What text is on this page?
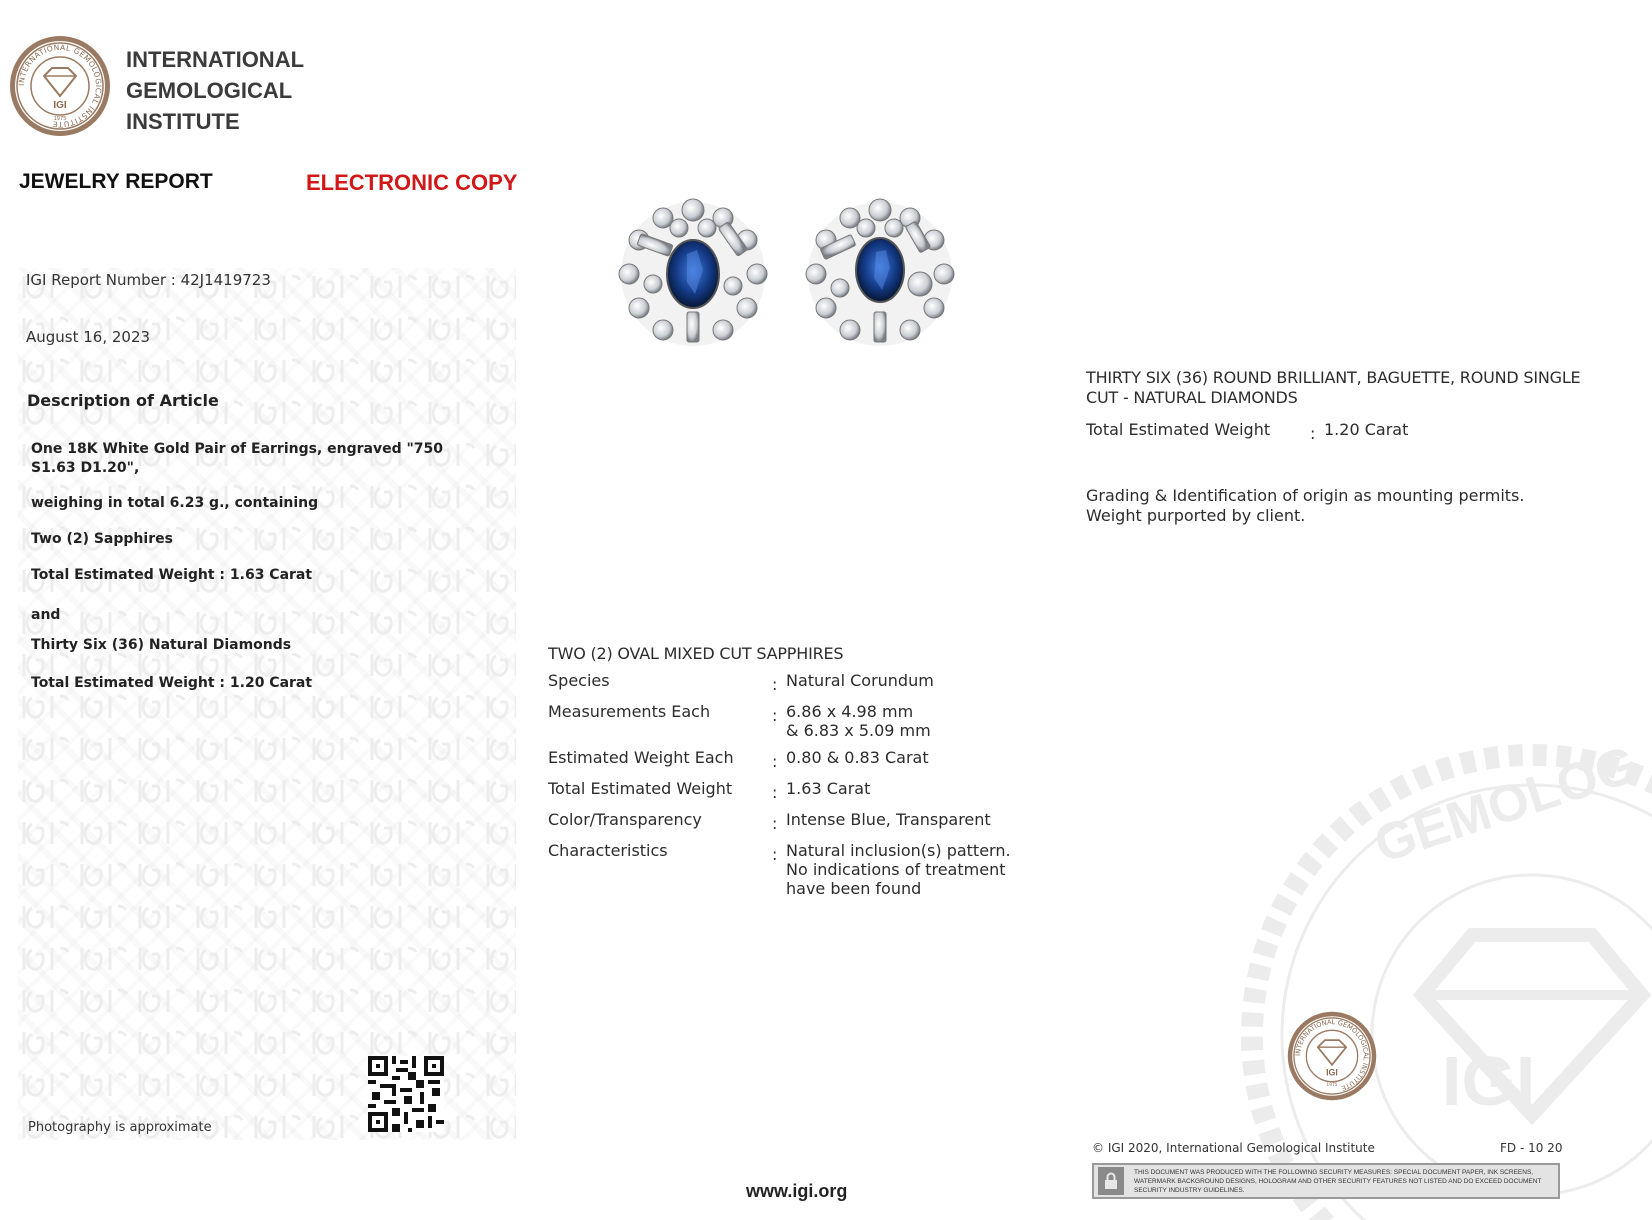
INTERNATIONAL GEMOLOGICAL INSTITUTE
IGI
1975
INTERNATIONAL
GEMOLOGICAL
INSTITUTE
JEWELRY REPORT	ELECTRONIC COPY
IGI Report Number : 42J1419723
August 16, 2023
Description of Article
One 18K White Gold Pair of Earrings, engraved "750 S1.63 D1.20",
weighing in total 6.23 g., containing
Two (2) Sapphires
Total Estimated Weight : 1.63 Carat
and
Thirty Six (36) Natural Diamonds
Total Estimated Weight : 1.20 Carat
Photography is approximate
TWO (2) OVAL MIXED CUT SAPPHIRES
Species	: Natural Corundum
Measurements Each	: 6.86 x 4.98 mm
& 6.83 x 5.09 mm
Estimated Weight Each	: 0.80 & 0.83 Carat
Total Estimated Weight	: 1.63 Carat
Color/Transparency	: Intense Blue, Transparent
Characteristics	: Natural inclusion(s) pattern.
No indications of treatment
have been found
THIRTY SIX (36) ROUND BRILLIANT, BAGUETTE, ROUND SINGLE CUT - NATURAL DIAMONDS
Total Estimated Weight	: 1.20 Carat
Grading & Identification of origin as mounting permits.
Weight purported by client.
GEMOLOG
IGI
INTERNATIONAL GEMOLOGICAL INSTITUTE
IGI
1975
© IGI 2020, International Gemological Institute	FD - 10 20
THIS DOCUMENT WAS PRODUCED WITH THE FOLLOWING SECURITY MEASURES: SPECIAL DOCUMENT PAPER, INK SCREENS, WATERMARK BACKGROUND DESIGNS, HOLOGRAM AND OTHER SECURITY FEATURES NOT LISTED AND DO EXCEED DOCUMENT SECURITY INDUSTRY GUIDELINES.
www.igi.org
